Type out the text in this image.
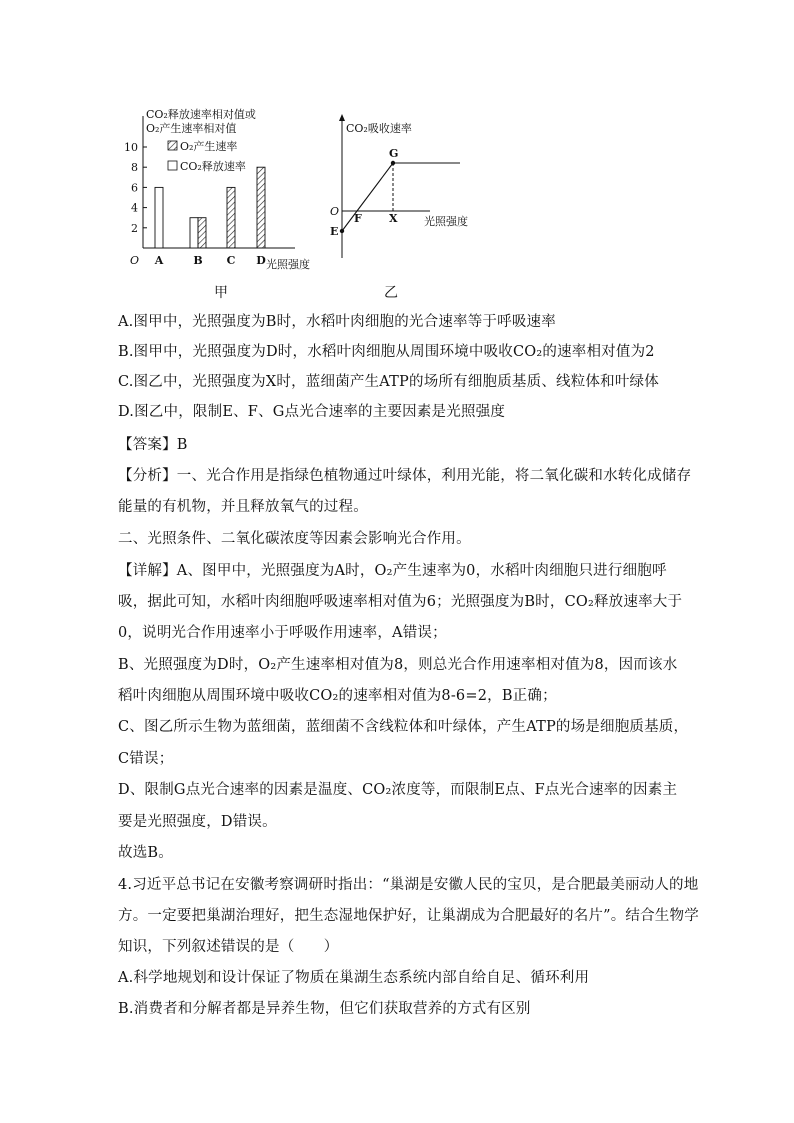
CO₂释放速率相对值或
O₂产生速率相对值
2
4
6
8
10
A	B C D
O₂产生速率
CO₂释放速率
O	光照强度
甲
CO₂吸收速率
光照强度
O
G
F X
E
乙
A.图甲中，光照强度为B时，水稻叶肉细胞的光合速率等于呼吸速率
B.图甲中，光照强度为D时，水稻叶肉细胞从周围环境中吸收CO₂的速率相对值为2
C.图乙中，光照强度为X时，蓝细菌产生ATP的场所有细胞质基质、线粒体和叶绿体
D.图乙中，限制E、F、G点光合速率的主要因素是光照强度
【答案】B
【分析】一、光合作用是指绿色植物通过叶绿体，利用光能，将二氧化碳和水转化成储存
能量的有机物，并且释放氧气的过程。
二、光照条件、二氧化碳浓度等因素会影响光合作用。
【详解】A、图甲中，光照强度为A时，O₂产生速率为0，水稻叶肉细胞只进行细胞呼
吸，据此可知，水稻叶肉细胞呼吸速率相对值为6；光照强度为B时，CO₂释放速率大于
0，说明光合作用速率小于呼吸作用速率，A错误；
B、光照强度为D时，O₂产生速率相对值为8，则总光合作用速率相对值为8，因而该水
稻叶肉细胞从周围环境中吸收CO₂的速率相对值为8-6=2，B正确；
C、图乙所示生物为蓝细菌，蓝细菌不含线粒体和叶绿体，产生ATP的场是细胞质基质，
C错误；
D、限制G点光合速率的因素是温度、CO₂浓度等，而限制E点、F点光合速率的因素主
要是光照强度，D错误。
故选B。
4.习近平总书记在安徽考察调研时指出：“巢湖是安徽人民的宝贝，是合肥最美丽动人的地
方。一定要把巢湖治理好，把生态湿地保护好，让巢湖成为合肥最好的名片”。结合生物学
知识，下列叙述错误的是（　　）
A.科学地规划和设计保证了物质在巢湖生态系统内部自给自足、循环利用
B.消费者和分解者都是异养生物，但它们获取营养的方式有区别
